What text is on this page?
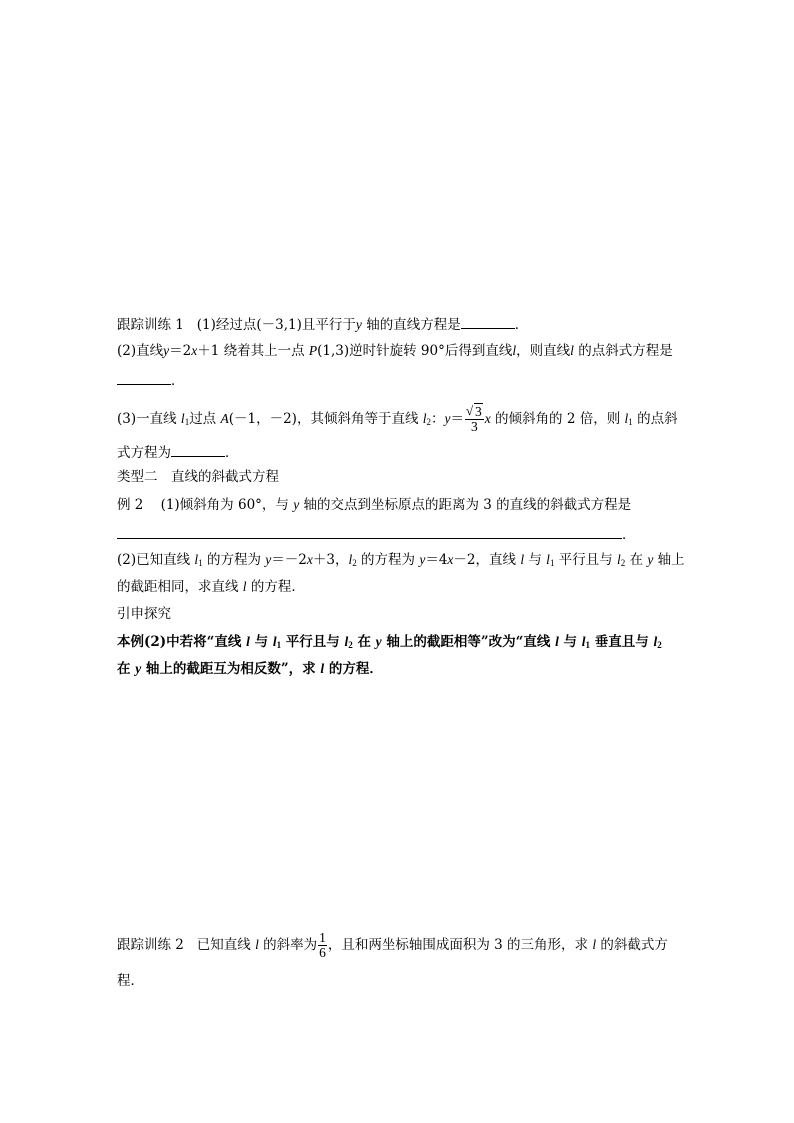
跟踪训练 1 (1)经过点(－3,1)且平行于y 轴的直线方程是	．
(2)直线y＝2x＋1 绕着其上一点 P(1,3)逆时针旋转 90°后得到直线l，则直线l 的点斜式方程是
．
(3)一直线 $l_1$过点 A(－1，－2)，其倾斜角等于直线 $l_2$：$y= \frac{√ 3}{3}$ x 的倾斜角的 2 倍，则 $l_1$ 的点斜
式方程为	．
类型二　直线的斜截式方程
例 2 (1)倾斜角为 60°，与 y 轴的交点到坐标原点的距离为 3 的直线的斜截式方程是
．
(2)已知直线 $l_1$ 的方程为 y＝－2x＋3，$l_2$ 的方程为 y＝4x－2，直线 l 与 $l_1$ 平行且与 $l_2$ 在 y 轴上
的截距相同，求直线 l 的方程．
引申探究
本例(2)中若将“直线 l 与 $l_1$ 平行且与 $l_2$ 在 y 轴上的截距相等”改为“直线 l 与 $l_1$ 垂直且与 $l_2$
在 y 轴上的截距互为相反数”，求 l 的方程．
跟踪训练 2 已知直线 l 的斜率为 $\frac{1}{6}$ ，且和两坐标轴围成面积为 3 的三角形，求 l 的斜截式方
程．
